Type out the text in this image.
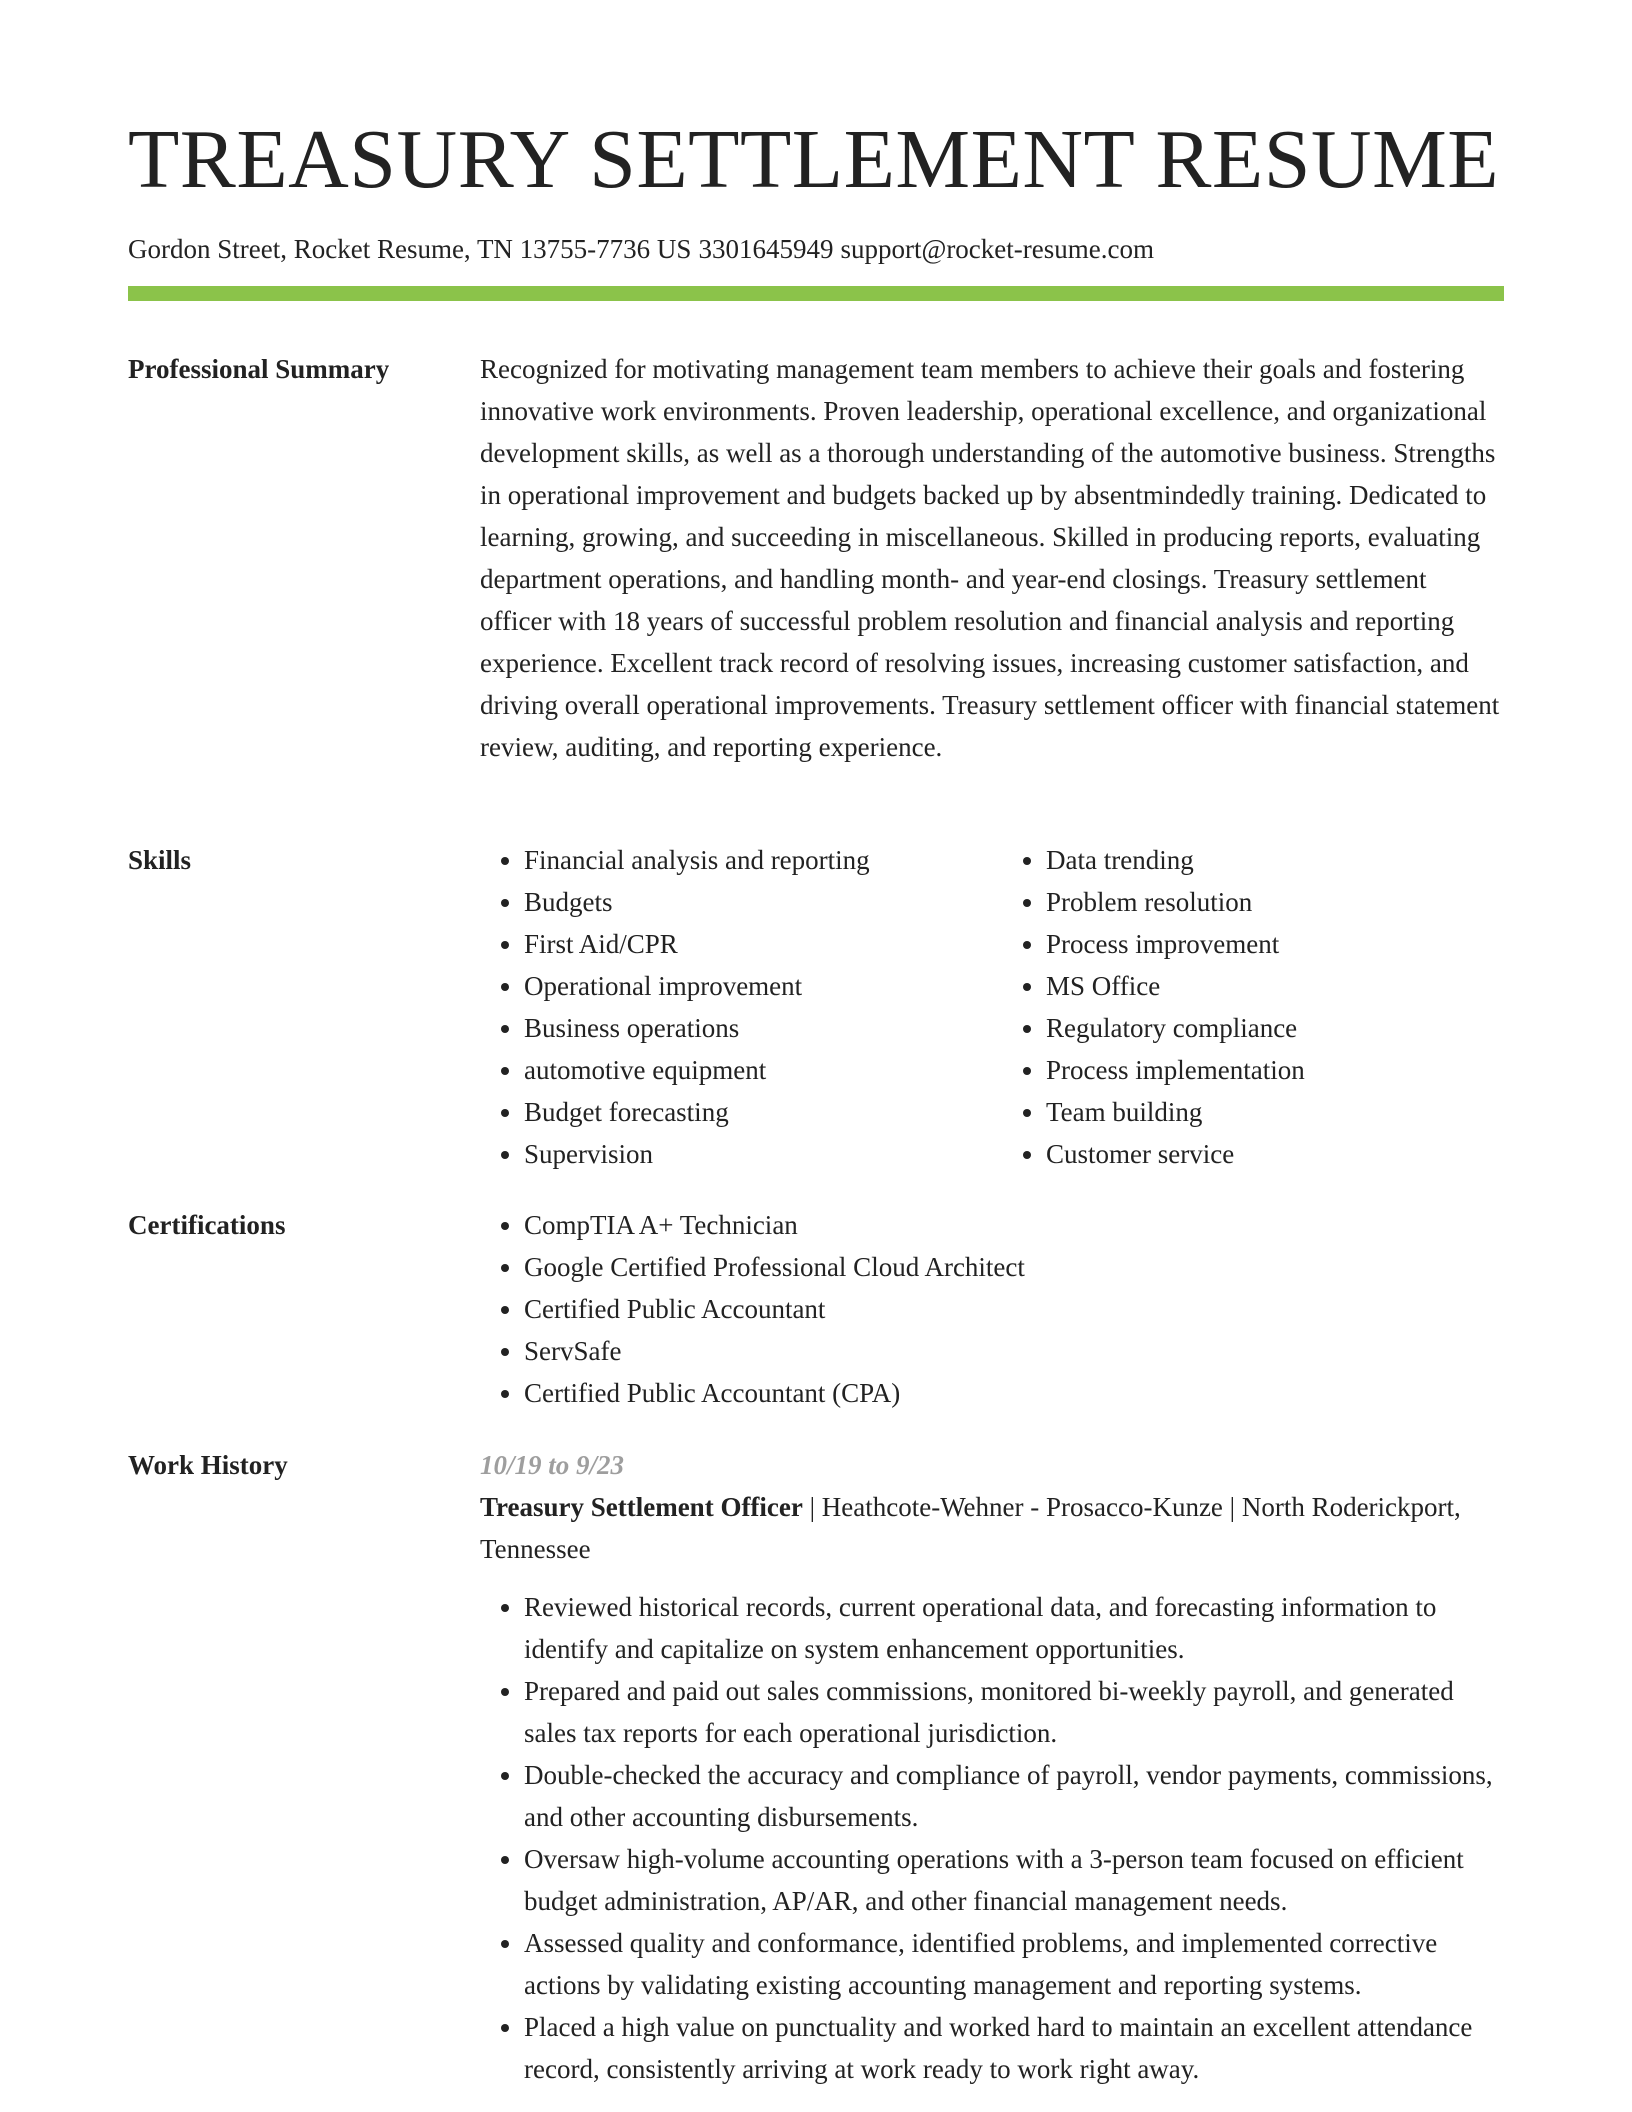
TREASURY SETTLEMENT RESUME
Gordon Street, Rocket Resume, TN 13755-7736 US 3301645949 support@rocket-resume.com
Professional Summary	Recognized for motivating management team members to achieve their goals and fostering innovative work environments. Proven leadership, operational excellence, and organizational development skills, as well as a thorough understanding of the automotive business. Strengths in operational improvement and budgets backed up by absentmindedly training. Dedicated to learning, growing, and succeeding in miscellaneous. Skilled in producing reports, evaluating department operations, and handling month- and year-end closings. Treasury settlement officer with 18 years of successful problem resolution and financial analysis and reporting experience. Excellent track record of resolving issues, increasing customer satisfaction, and driving overall operational improvements. Treasury settlement officer with financial statement review, auditing, and reporting experience.

Skills	• Financial analysis and reporting
• Budgets
• First Aid/CPR
• Operational improvement
• Business operations
• automotive equipment
• Budget forecasting
• Supervision
• Data trending
• Problem resolution
• Process improvement
• MS Office
• Regulatory compliance
• Process implementation
• Team building
• Customer service
Certifications	• CompTIA A+ Technician
• Google Certified Professional Cloud Architect
• Certified Public Accountant
• ServSafe
• Certified Public Accountant (CPA)
Work History	10/19 to 9/23
Treasury Settlement Officer | Heathcote-Wehner - Prosacco-Kunze | North Roderickport, Tennessee
• Reviewed historical records, current operational data, and forecasting information to identify and capitalize on system enhancement opportunities.
• Prepared and paid out sales commissions, monitored bi-weekly payroll, and generated sales tax reports for each operational jurisdiction.
• Double-checked the accuracy and compliance of payroll, vendor payments, commissions, and other accounting disbursements.
• Oversaw high-volume accounting operations with a 3-person team focused on efficient budget administration, AP/AR, and other financial management needs.
• Assessed quality and conformance, identified problems, and implemented corrective actions by validating existing accounting management and reporting systems.
• Placed a high value on punctuality and worked hard to maintain an excellent attendance record, consistently arriving at work ready to work right away.
